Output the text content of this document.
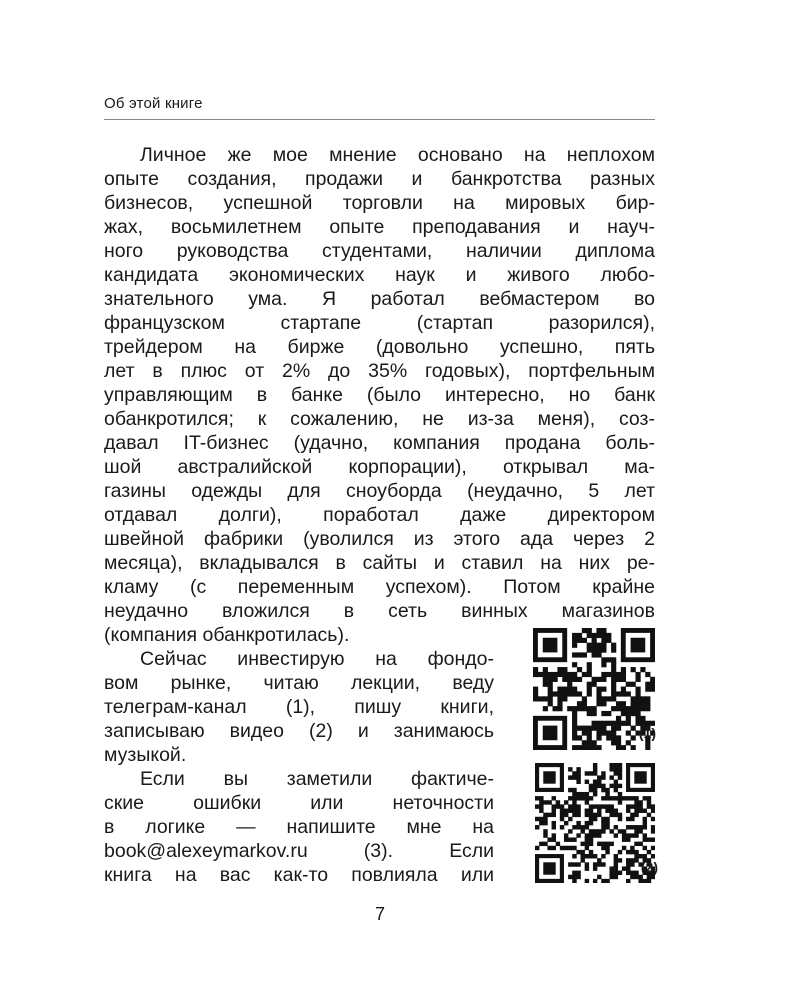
Об этой книге
Личное же мое мнение основано на неплохом
опыте создания, продажи и банкротства разных
бизнесов, успешной торговли на мировых бир-
жах, восьмилетнем опыте преподавания и науч-
ного руководства студентами, наличии диплома
кандидата экономических наук и живого любо-
знательного ума. Я работал вебмастером во
французском стартапе (стартап разорился),
трейдером на бирже (довольно успешно, пять
лет в плюс от 2% до 35% годовых), портфельным
управляющим в банке (было интересно, но банк
обанкротился; к сожалению, не из-за меня), соз-
давал IT-бизнес (удачно, компания продана боль-
шой австралийской корпорации), открывал ма-
газины одежды для сноуборда (неудачно, 5 лет
отдавал долги), поработал даже директором
швейной фабрики (уволился из этого ада через 2
месяца), вкладывался в сайты и ставил на них ре-
кламу (с переменным успехом). Потом крайне
неудачно вложился в сеть винных магазинов
(компания обанкротилась).
Сейчас инвестирую на фондо-
вом рынке, читаю лекции, веду
телеграм-канал (1), пишу книги,
записываю видео (2) и занимаюсь
музыкой.
Если вы заметили фактиче-
ские ошибки или неточности
в логике — напишите мне на
book@alexeymarkov.ru (3). Если
книга на вас как-то повлияла или
(1)
(2)
7
